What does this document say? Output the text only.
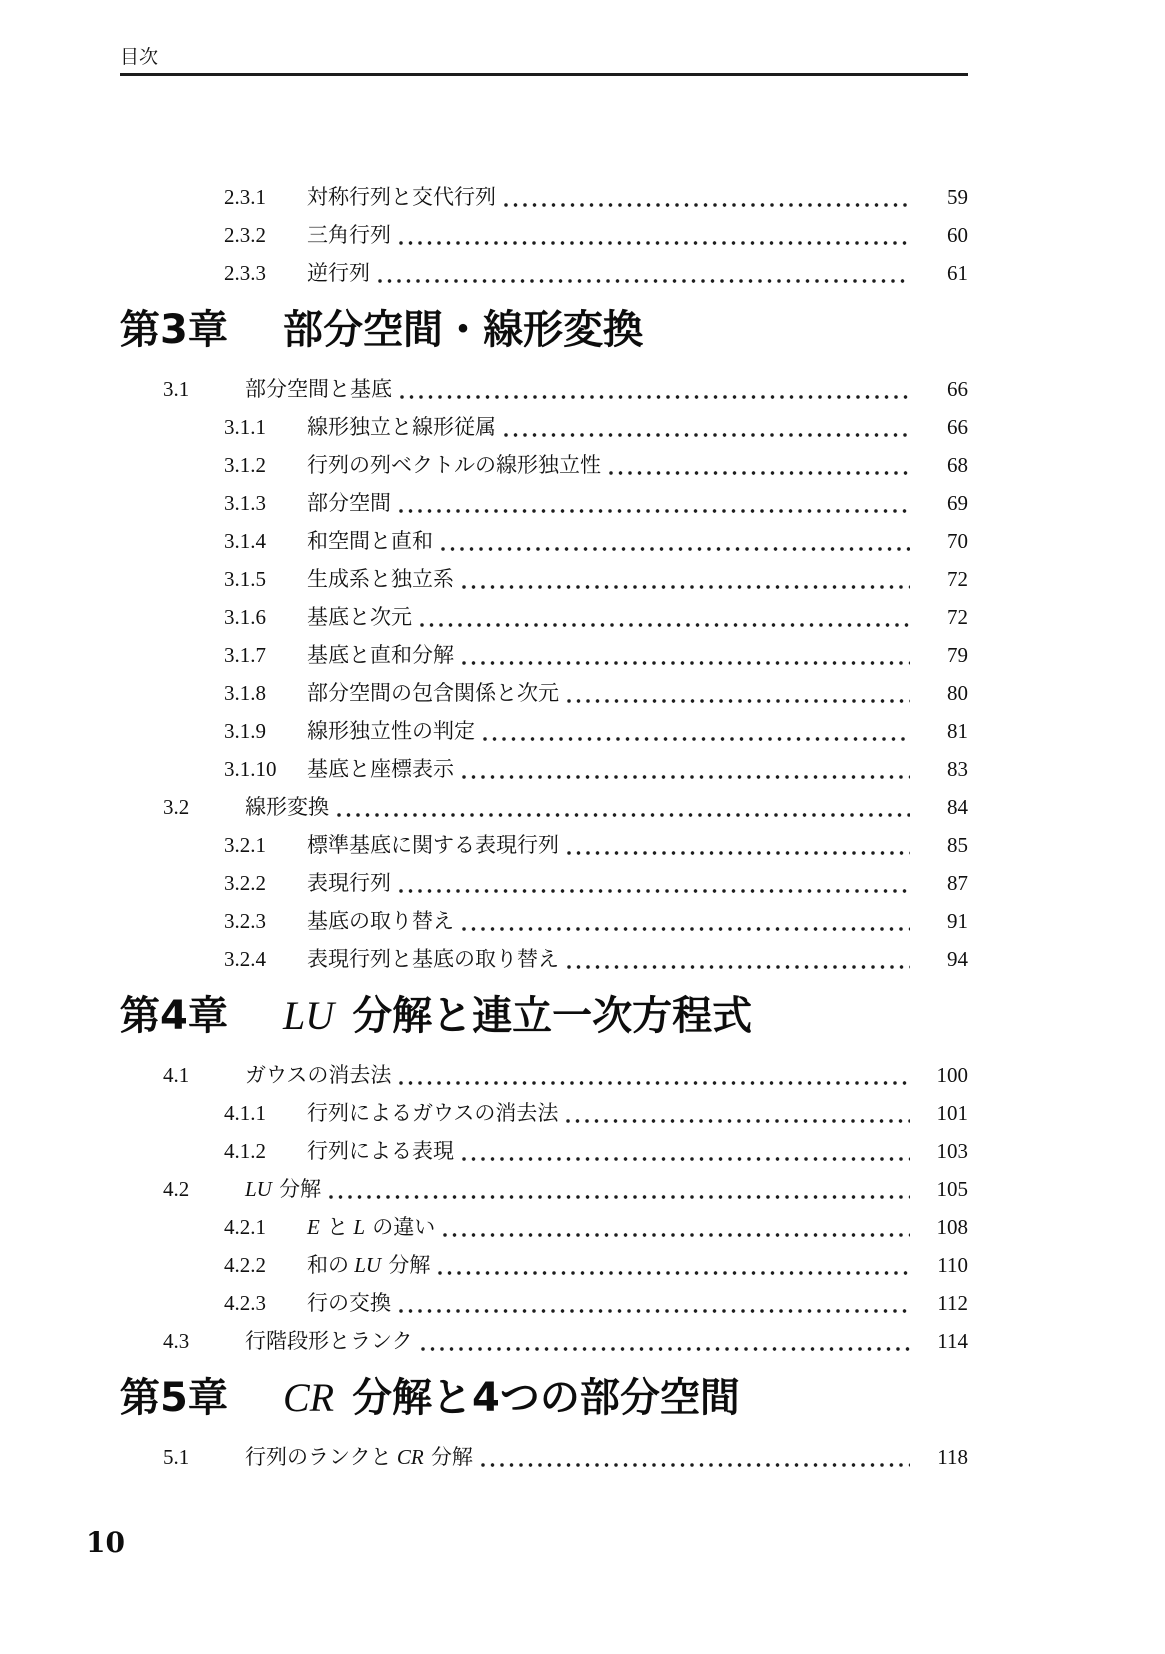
目次
2.3.1	対称行列と交代行列	59
2.3.2	三角行列	60
2.3.3	逆行列	61
第3章	部分空間・線形変換
3.1	部分空間と基底	66
3.1.1	線形独立と線形従属	66
3.1.2	行列の列ベクトルの線形独立性	68
3.1.3	部分空間	69
3.1.4	和空間と直和	70
3.1.5	生成系と独立系	72
3.1.6	基底と次元	72
3.1.7	基底と直和分解	79
3.1.8	部分空間の包含関係と次元	80
3.1.9	線形独立性の判定	81
3.1.10	基底と座標表示	83
3.2	線形変換	84
3.2.1	標準基底に関する表現行列	85
3.2.2	表現行列	87
3.2.3	基底の取り替え	91
3.2.4	表現行列と基底の取り替え	94
第4章	LU 分解と連立一次方程式
4.1	ガウスの消去法	100
4.1.1	行列によるガウスの消去法	101
4.1.2	行列による表現	103
4.2	LU 分解	105
4.2.1	E と L の違い	108
4.2.2	和の LU 分解	110
4.2.3	行の交換	112
4.3	行階段形とランク	114
第5章	CR 分解と4つの部分空間
5.1	行列のランクと CR 分解	118
10
